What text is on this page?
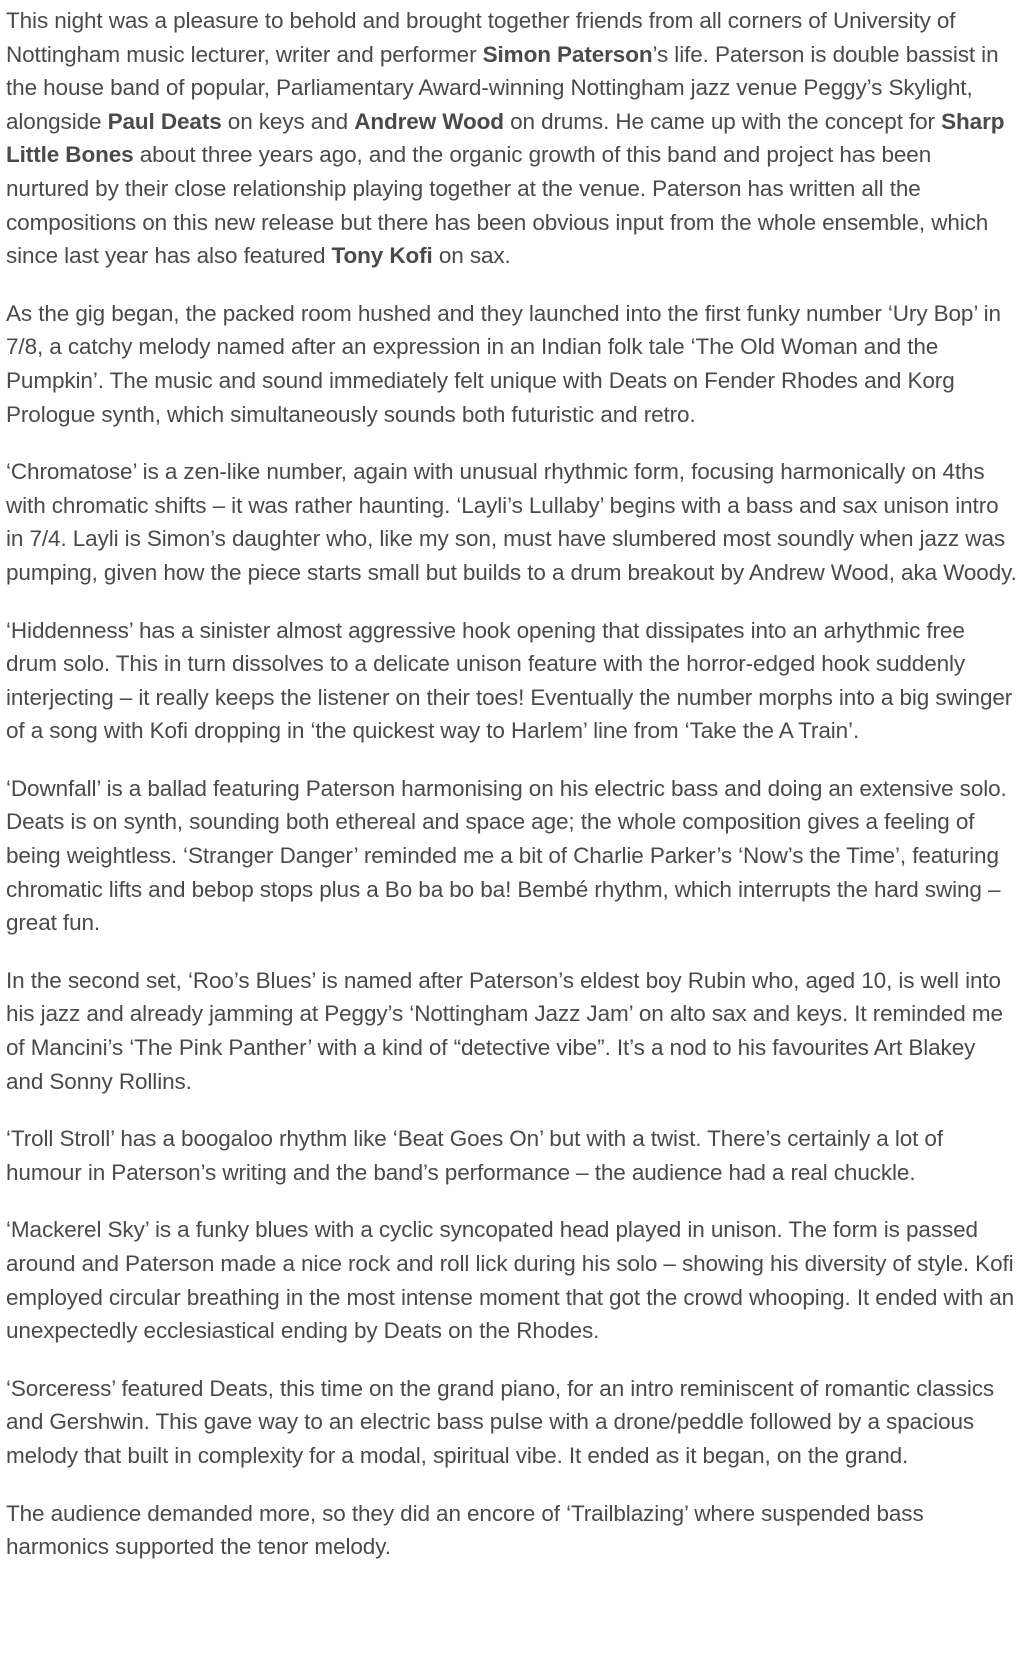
This night was a pleasure to behold and brought together friends from all corners of University of Nottingham music lecturer, writer and performer Simon Paterson’s life. Paterson is double bassist in the house band of popular, Parliamentary Award-winning Nottingham jazz venue Peggy’s Skylight, alongside Paul Deats on keys and Andrew Wood on drums. He came up with the concept for Sharp Little Bones about three years ago, and the organic growth of this band and project has been nurtured by their close relationship playing together at the venue. Paterson has written all the compositions on this new release but there has been obvious input from the whole ensemble, which since last year has also featured Tony Kofi on sax.

As the gig began, the packed room hushed and they launched into the first funky number ‘Ury Bop’ in 7/8, a catchy melody named after an expression in an Indian folk tale ‘The Old Woman and the Pumpkin’. The music and sound immediately felt unique with Deats on Fender Rhodes and Korg Prologue synth, which simultaneously sounds both futuristic and retro.

‘Chromatose’ is a zen-like number, again with unusual rhythmic form, focusing harmonically on 4ths with chromatic shifts – it was rather haunting. ‘Layli’s Lullaby’ begins with a bass and sax unison intro in 7/4. Layli is Simon’s daughter who, like my son, must have slumbered most soundly when jazz was pumping, given how the piece starts small but builds to a drum breakout by Andrew Wood, aka Woody.

‘Hiddenness’ has a sinister almost aggressive hook opening that dissipates into an arhythmic free drum solo. This in turn dissolves to a delicate unison feature with the horror-edged hook suddenly interjecting – it really keeps the listener on their toes! Eventually the number morphs into a big swinger of a song with Kofi dropping in ‘the quickest way to Harlem’ line from ‘Take the A Train’.

‘Downfall’ is a ballad featuring Paterson harmonising on his electric bass and doing an extensive solo. Deats is on synth, sounding both ethereal and space age; the whole composition gives a feeling of being weightless. ‘Stranger Danger’ reminded me a bit of Charlie Parker’s ‘Now’s the Time’, featuring chromatic lifts and bebop stops plus a Bo ba bo ba! Bembé rhythm, which interrupts the hard swing – great fun.

In the second set, ‘Roo’s Blues’ is named after Paterson’s eldest boy Rubin who, aged 10, is well into his jazz and already jamming at Peggy’s ‘Nottingham Jazz Jam’ on alto sax and keys. It reminded me of Mancini’s ‘The Pink Panther’ with a kind of “detective vibe”. It’s a nod to his favourites Art Blakey and Sonny Rollins.

‘Troll Stroll’ has a boogaloo rhythm like ‘Beat Goes On’ but with a twist. There’s certainly a lot of humour in Paterson’s writing and the band’s performance – the audience had a real chuckle.

‘Mackerel Sky’ is a funky blues with a cyclic syncopated head played in unison. The form is passed around and Paterson made a nice rock and roll lick during his solo – showing his diversity of style. Kofi employed circular breathing in the most intense moment that got the crowd whooping. It ended with an unexpectedly ecclesiastical ending by Deats on the Rhodes.

‘Sorceress’ featured Deats, this time on the grand piano, for an intro reminiscent of romantic classics and Gershwin. This gave way to an electric bass pulse with a drone/peddle followed by a spacious melody that built in complexity for a modal, spiritual vibe. It ended as it began, on the grand.

The audience demanded more, so they did an encore of ‘Trailblazing’ where suspended bass harmonics supported the tenor melody.
